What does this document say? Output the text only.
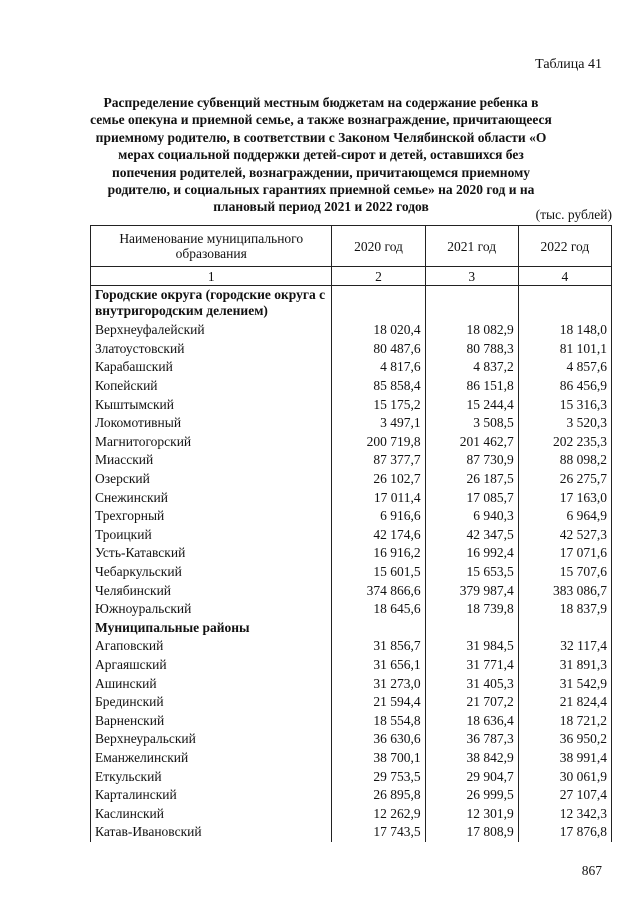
Таблица 41
Распределение субвенций местным бюджетам на содержание ребенка в семье опекуна и приемной семье, а также вознаграждение, причитающееся приемному родителю, в соответствии с Законом Челябинской области «О мерах социальной поддержки детей-сирот и детей, оставшихся без попечения родителей, вознаграждении, причитающемся приемному родителю, и социальных гарантиях приемной семье» на 2020 год и на плановый период 2021 и 2022 годов
(тыс. рублей)
Наименование муниципального образования	2020 год	2021 год	2022 год
1	2	3	4
Городские округа (городские округа с внутригородским делением)			
Верхнеуфалейский	18 020,4	18 082,9	18 148,0
Златоустовский	80 487,6	80 788,3	81 101,1
Карабашский	4 817,6	4 837,2	4 857,6
Копейский	85 858,4	86 151,8	86 456,9
Кыштымский	15 175,2	15 244,4	15 316,3
Локомотивный	3 497,1	3 508,5	3 520,3
Магнитогорский	200 719,8	201 462,7	202 235,3
Миасский	87 377,7	87 730,9	88 098,2
Озерский	26 102,7	26 187,5	26 275,7
Снежинский	17 011,4	17 085,7	17 163,0
Трехгорный	6 916,6	6 940,3	6 964,9
Троицкий	42 174,6	42 347,5	42 527,3
Усть-Катавский	16 916,2	16 992,4	17 071,6
Чебаркульский	15 601,5	15 653,5	15 707,6
Челябинский	374 866,6	379 987,4	383 086,7
Южноуральский	18 645,6	18 739,8	18 837,9
Муниципальные районы			
Агаповский	31 856,7	31 984,5	32 117,4
Аргаяшский	31 656,1	31 771,4	31 891,3
Ашинский	31 273,0	31 405,3	31 542,9
Брединский	21 594,4	21 707,2	21 824,4
Варненский	18 554,8	18 636,4	18 721,2
Верхнеуральский	36 630,6	36 787,3	36 950,2
Еманжелинский	38 700,1	38 842,9	38 991,4
Еткульский	29 753,5	29 904,7	30 061,9
Карталинский	26 895,8	26 999,5	27 107,4
Каслинский	12 262,9	12 301,9	12 342,3
Катав-Ивановский	17 743,5	17 808,9	17 876,8
867
